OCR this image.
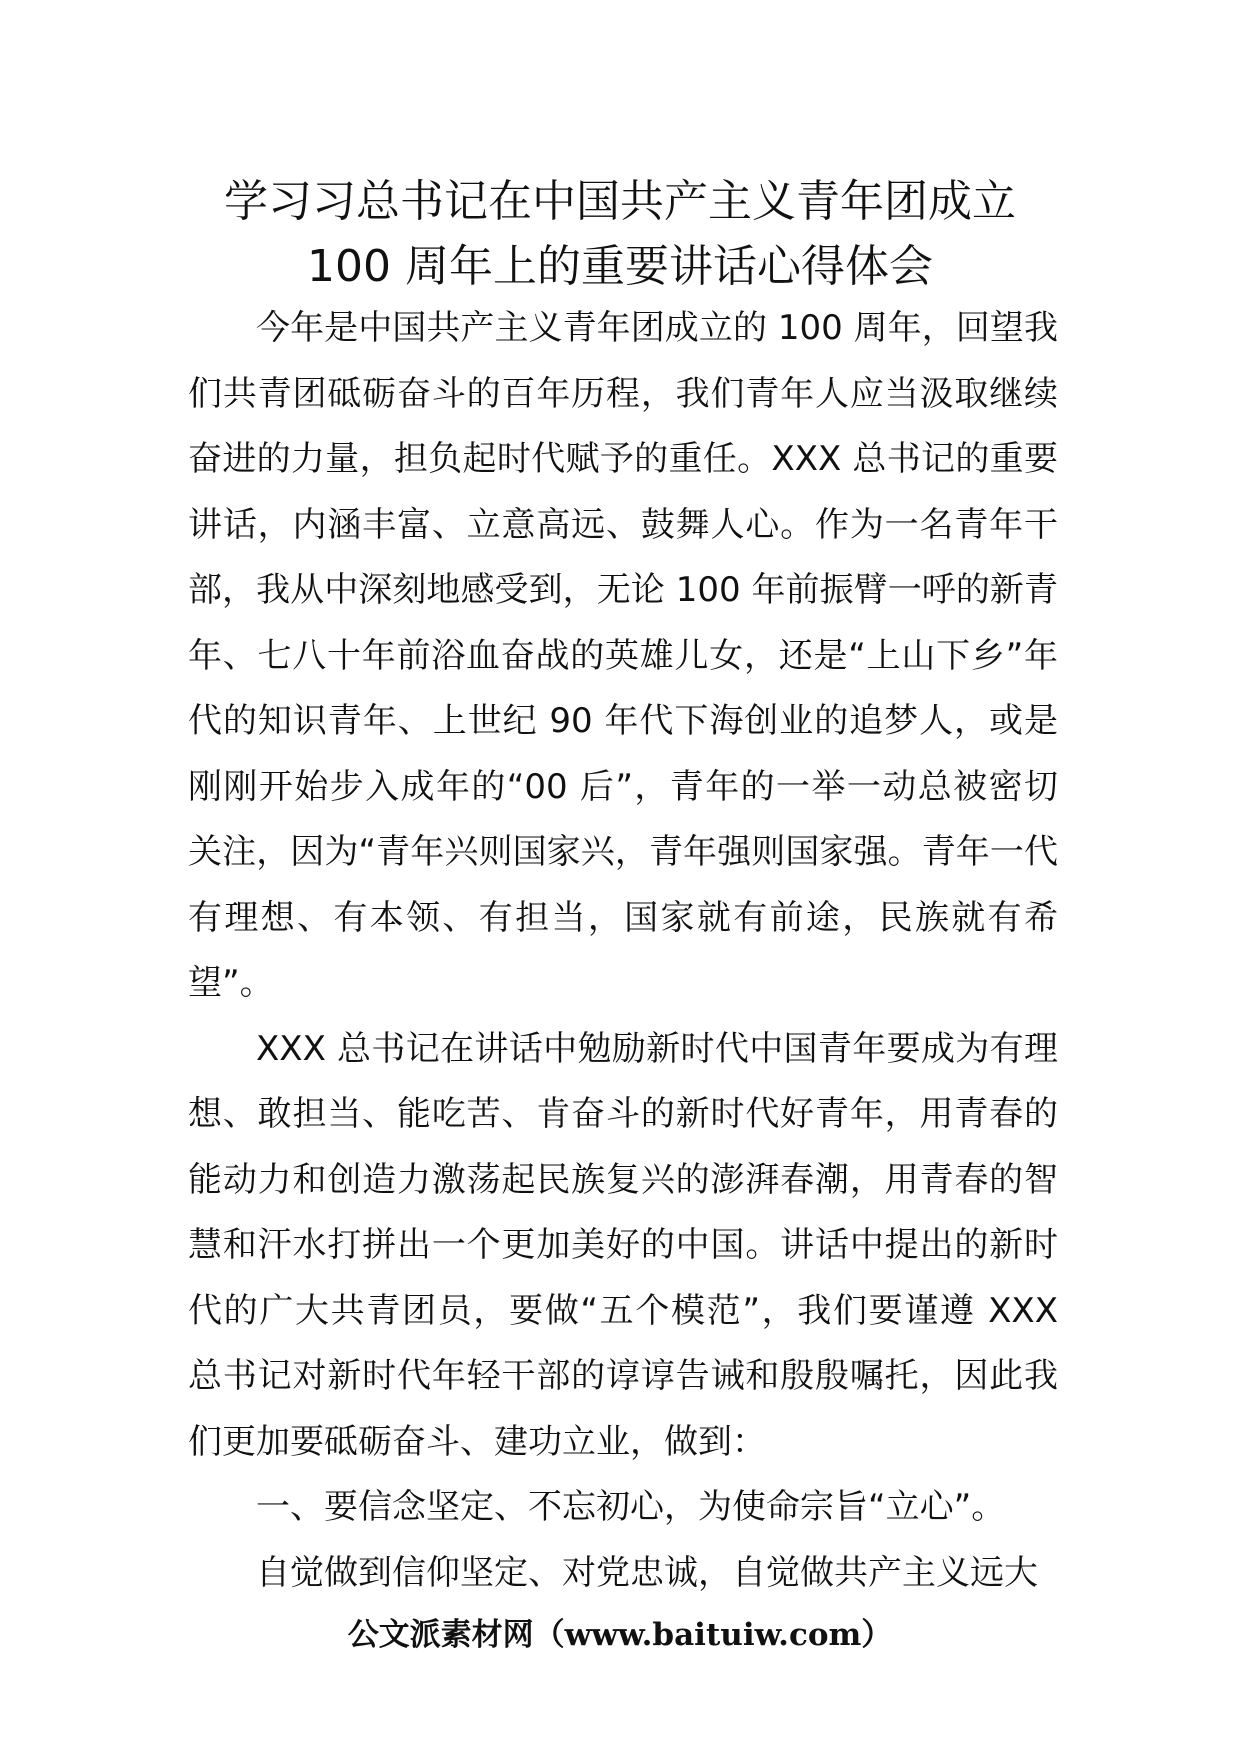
学习习总书记在中国共产主义青年团成立
100 周年上的重要讲话心得体会

今年是中国共产主义青年团成立的 100 周年，回望我们共青团砥砺奋斗的百年历程，我们青年人应当汲取继续奋进的力量，担负起时代赋予的重任。XXX 总书记的重要讲话，内涵丰富、立意高远、鼓舞人心。作为一名青年干部，我从中深刻地感受到，无论 100 年前振臂一呼的新青年、七八十年前浴血奋战的英雄儿女，还是“上山下乡”年代的知识青年、上世纪 90 年代下海创业的追梦人，或是刚刚开始步入成年的“00 后”，青年的一举一动总被密切关注，因为“青年兴则国家兴，青年强则国家强。青年一代有理想、有本领、有担当，国家就有前途，民族就有希望”。

XXX 总书记在讲话中勉励新时代中国青年要成为有理想、敢担当、能吃苦、肯奋斗的新时代好青年，用青春的能动力和创造力激荡起民族复兴的澎湃春潮，用青春的智慧和汗水打拼出一个更加美好的中国。讲话中提出的新时代的广大共青团员，要做“五个模范”，我们要谨遵 XXX 总书记对新时代年轻干部的谆谆告诫和殷殷嘱托，因此我们更加要砥砺奋斗、建功立业，做到：

一、要信念坚定、不忘初心，为使命宗旨“立心”。

自觉做到信仰坚定、对党忠诚，自觉做共产主义远大

公文派素材网（www.baituiw.com）
